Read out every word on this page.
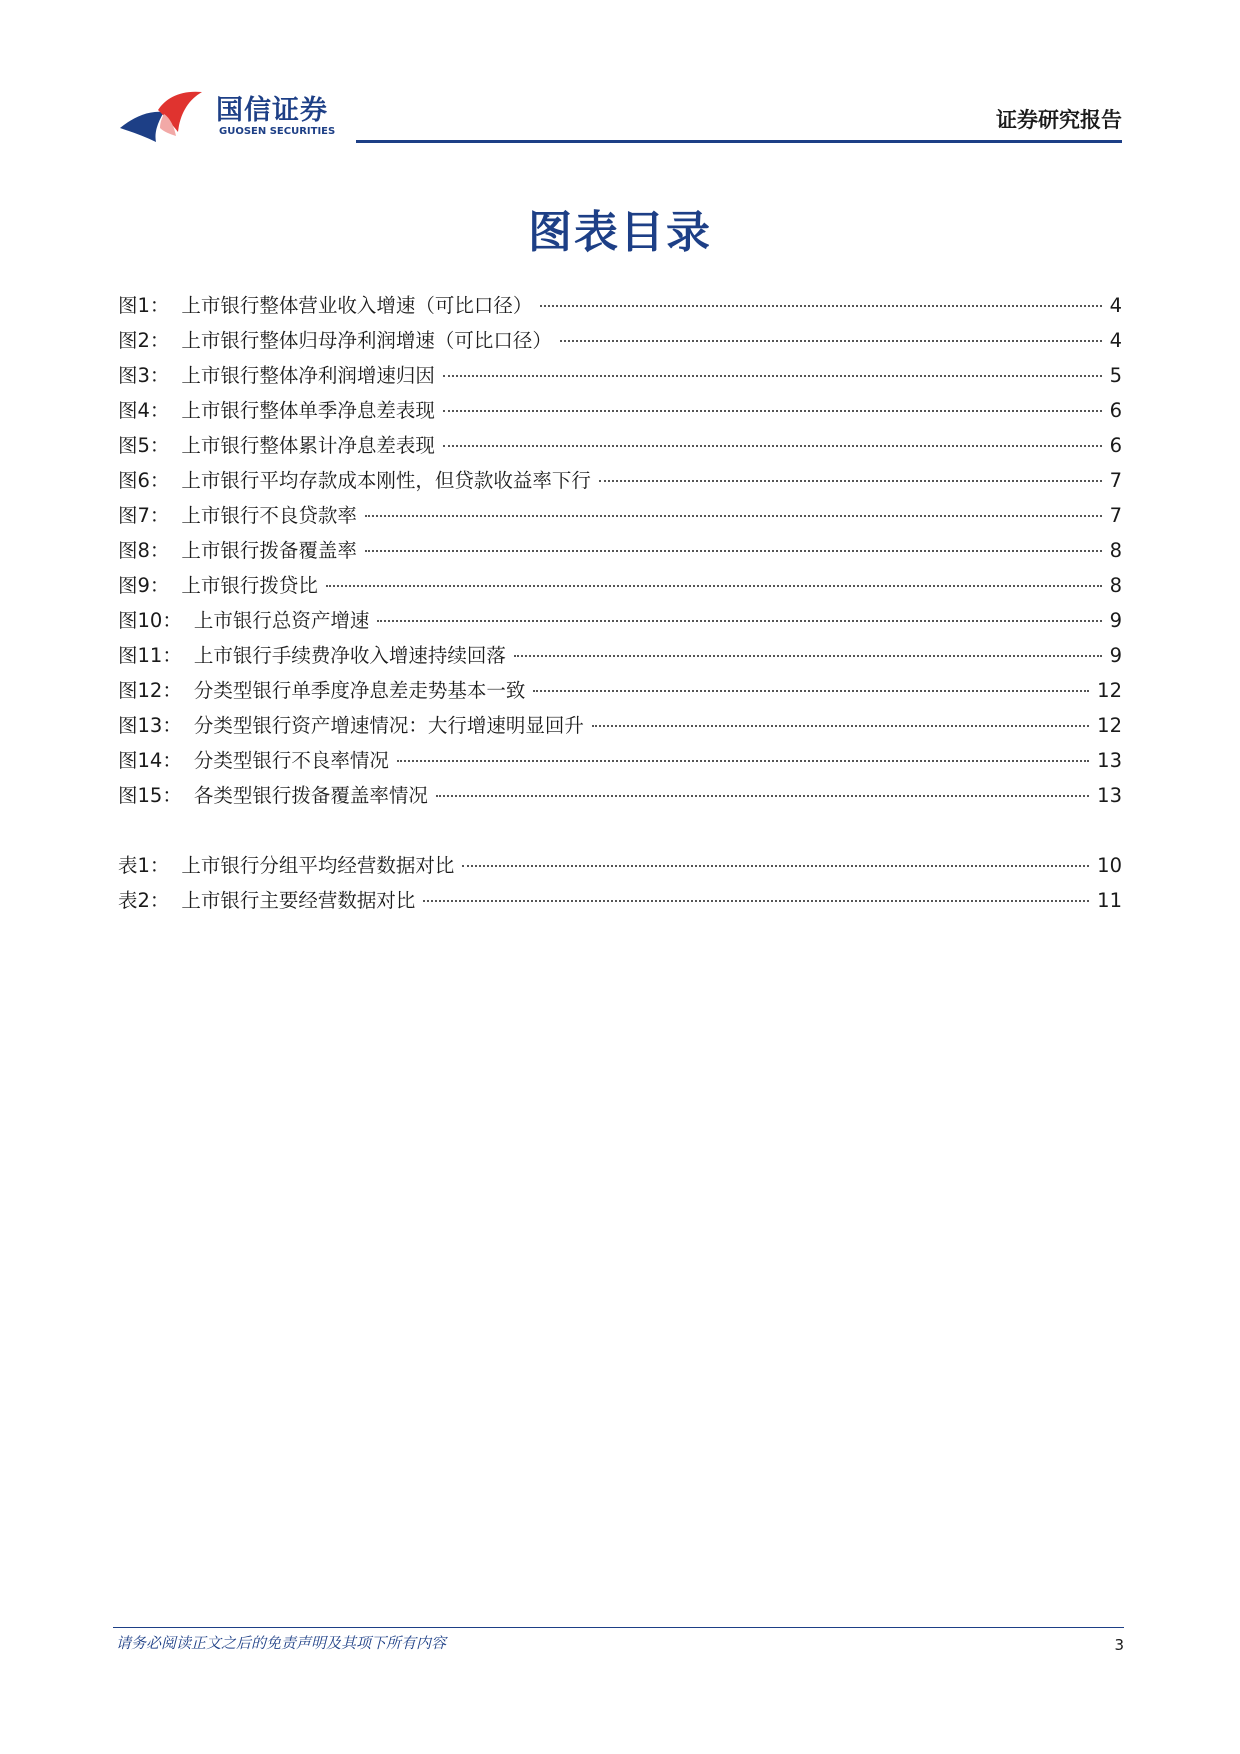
国信证券
GUOSEN SECURITIES	证券研究报告
图表目录
图1： 上市银行整体营业收入增速（可比口径）	4
图2： 上市银行整体归母净利润增速（可比口径）	4
图3： 上市银行整体净利润增速归因	5
图4： 上市银行整体单季净息差表现	6
图5： 上市银行整体累计净息差表现	6
图6： 上市银行平均存款成本刚性，但贷款收益率下行	7
图7： 上市银行不良贷款率	7
图8： 上市银行拨备覆盖率	8
图9： 上市银行拨贷比	8
图10： 上市银行总资产增速	9
图11： 上市银行手续费净收入增速持续回落	9
图12： 分类型银行单季度净息差走势基本一致	12
图13： 分类型银行资产增速情况：大行增速明显回升	12
图14： 分类型银行不良率情况	13
图15： 各类型银行拨备覆盖率情况	13
表1： 上市银行分组平均经营数据对比	10
表2： 上市银行主要经营数据对比	11
请务必阅读正文之后的免责声明及其项下所有内容	3
